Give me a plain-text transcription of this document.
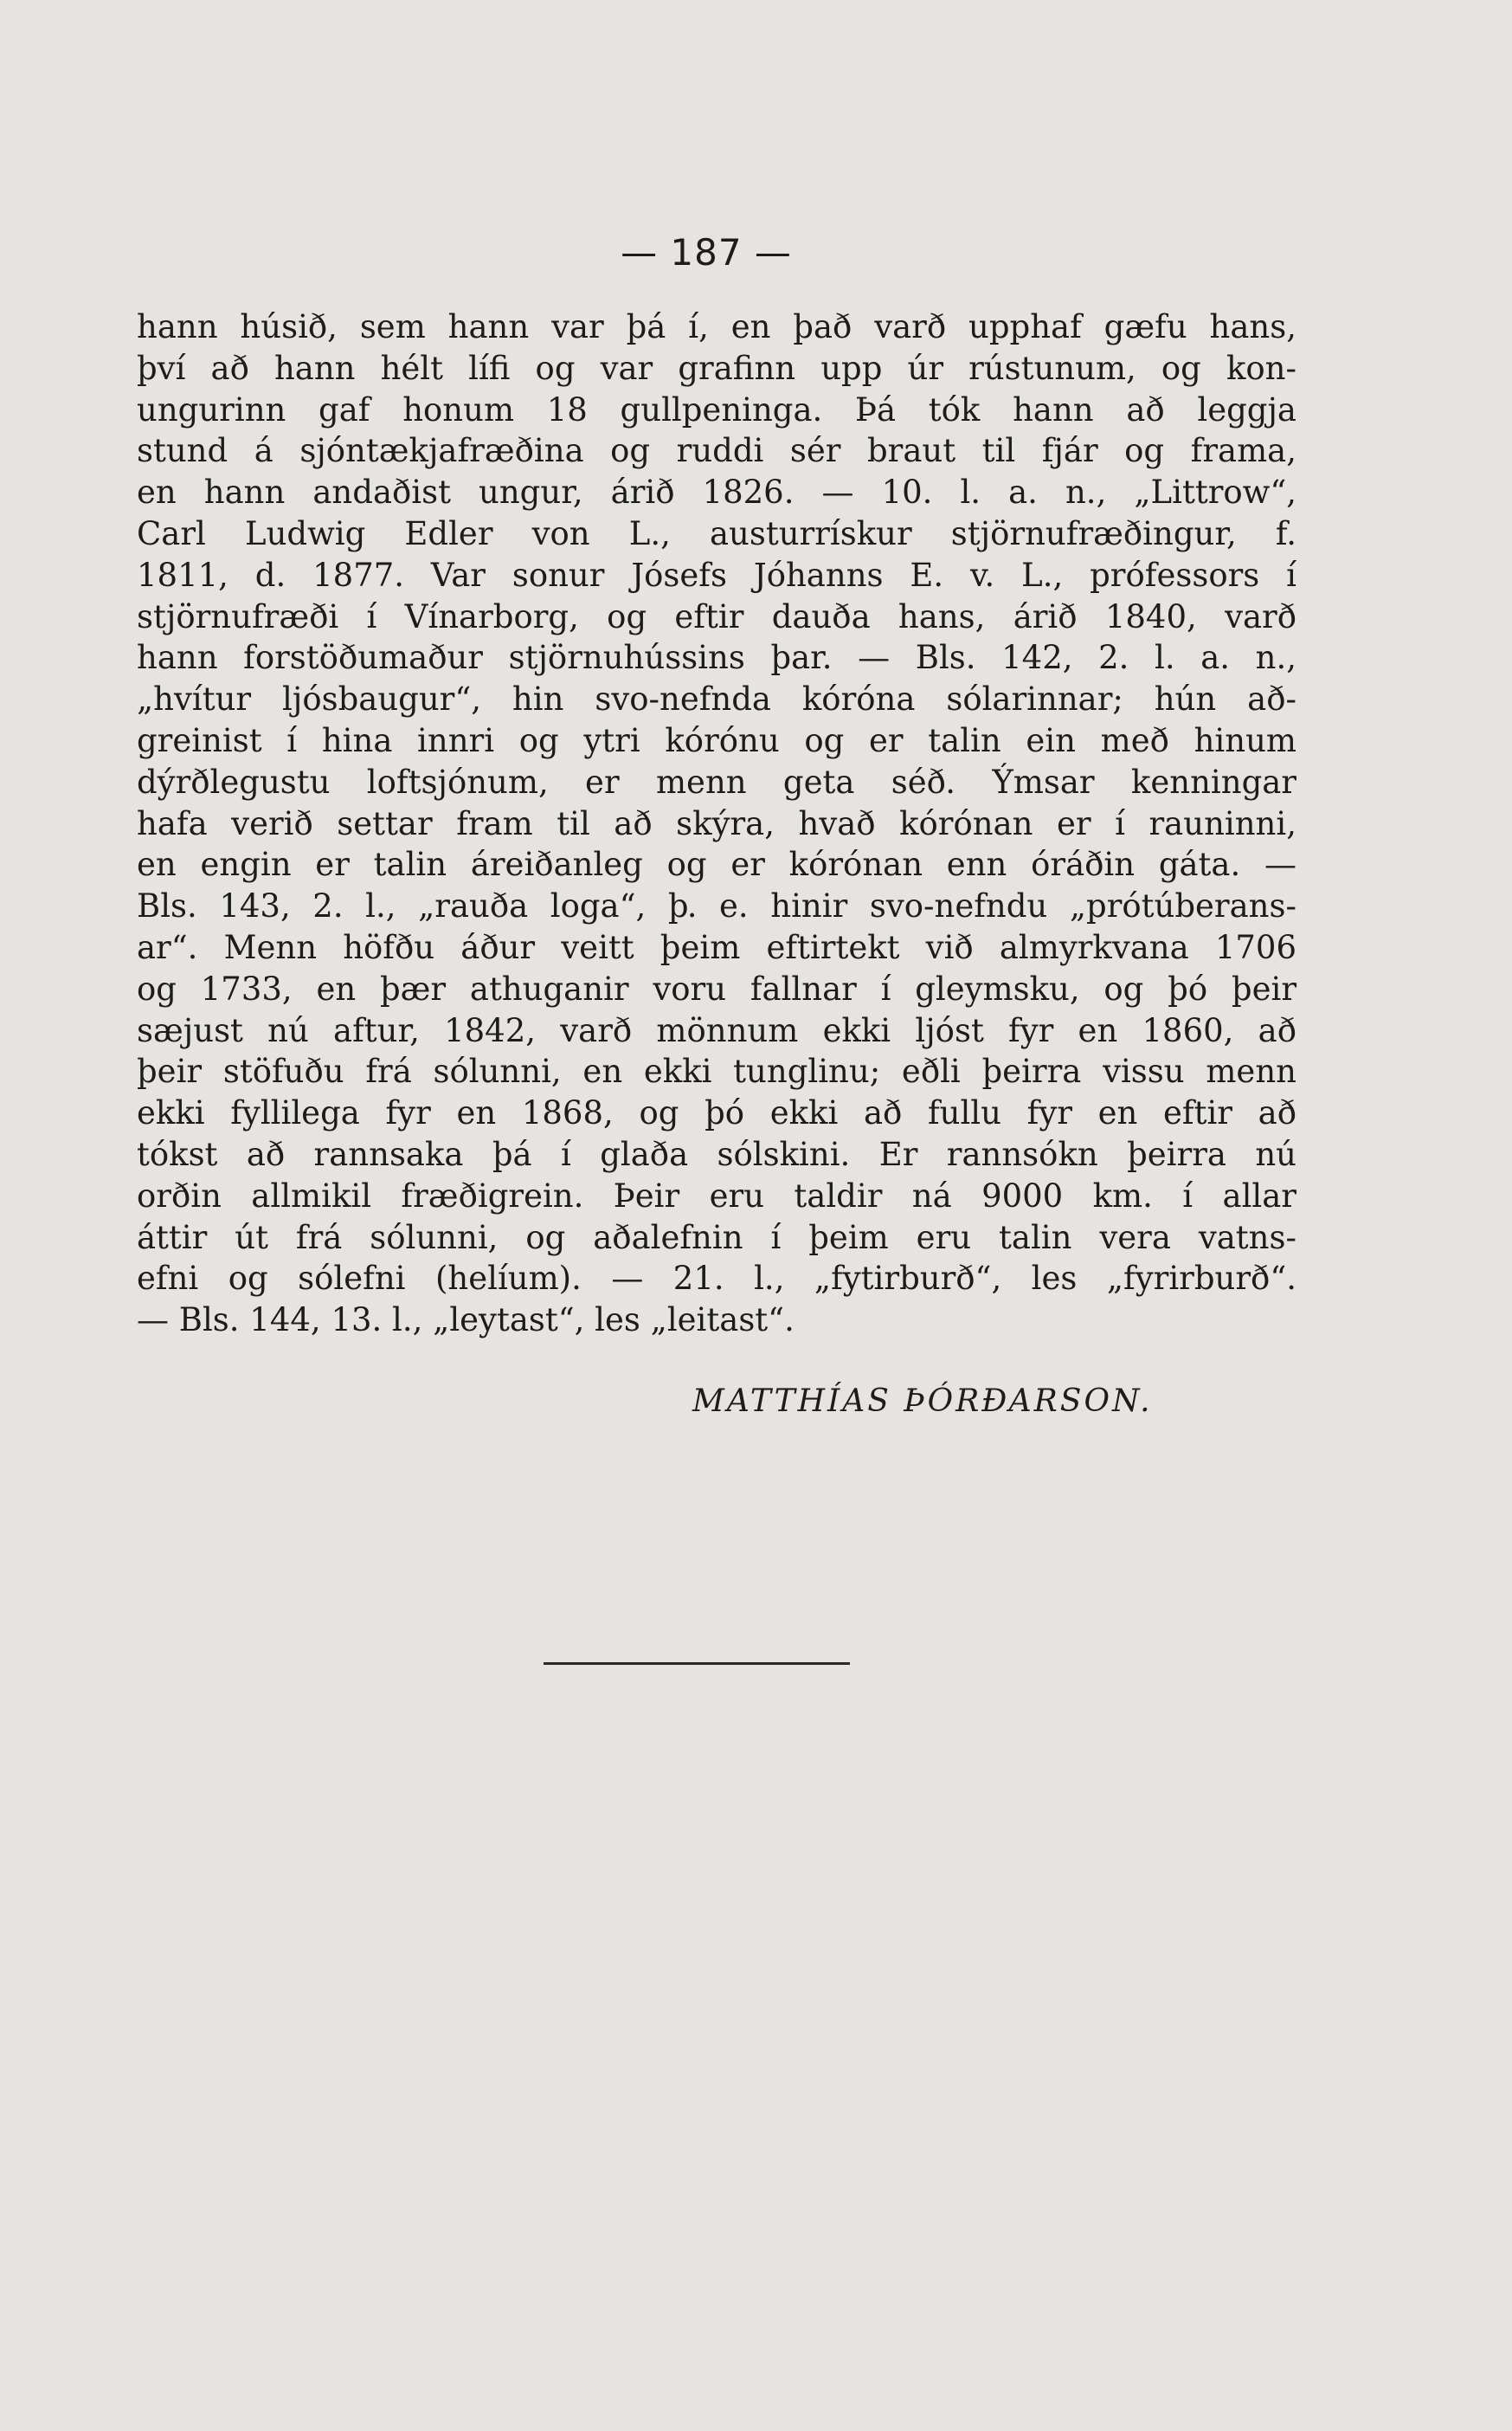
— 187 —
hann húsið, sem hann var þá í, en það varð upphaf gæfu hans,
því að hann hélt lífi og var grafinn upp úr rústunum, og kon-
ungurinn gaf honum 18 gullpeninga. Þá tók hann að leggja
stund á sjóntækjafræðina og ruddi sér braut til fjár og frama,
en hann andaðist ungur, árið 1826. — 10. l. a. n., „Littrow“,
Carl Ludwig Edler von L., austurrískur stjörnufræðingur, f.
1811, d. 1877. Var sonur Jósefs Jóhanns E. v. L., prófessors í
stjörnufræði í Vínarborg, og eftir dauða hans, árið 1840, varð
hann forstöðumaður stjörnuhússins þar. — Bls. 142, 2. l. a. n.,
„hvítur ljósbaugur“, hin svo-nefnda kóróna sólarinnar; hún að-
greinist í hina innri og ytri kórónu og er talin ein með hinum
dýrðlegustu loftsjónum, er menn geta séð. Ýmsar kenningar
hafa verið settar fram til að skýra, hvað kórónan er í rauninni,
en engin er talin áreiðanleg og er kórónan enn óráðin gáta. —
Bls. 143, 2. l., „rauða loga“, þ. e. hinir svo-nefndu „prótúberans-
ar“. Menn höfðu áður veitt þeim eftirtekt við almyrkvana 1706
og 1733, en þær athuganir voru fallnar í gleymsku, og þó þeir
sæjust nú aftur, 1842, varð mönnum ekki ljóst fyr en 1860, að
þeir stöfuðu frá sólunni, en ekki tunglinu; eðli þeirra vissu menn
ekki fyllilega fyr en 1868, og þó ekki að fullu fyr en eftir að
tókst að rannsaka þá í glaða sólskini. Er rannsókn þeirra nú
orðin allmikil fræðigrein. Þeir eru taldir ná 9000 km. í allar
áttir út frá sólunni, og aðalefnin í þeim eru talin vera vatns-
efni og sólefni (helíum). — 21. l., „fytirburð“, les „fyrirburð“.
— Bls. 144, 13. l., „leytast“, les „leitast“.
MATTHÍAS ÞÓRÐARSON.
